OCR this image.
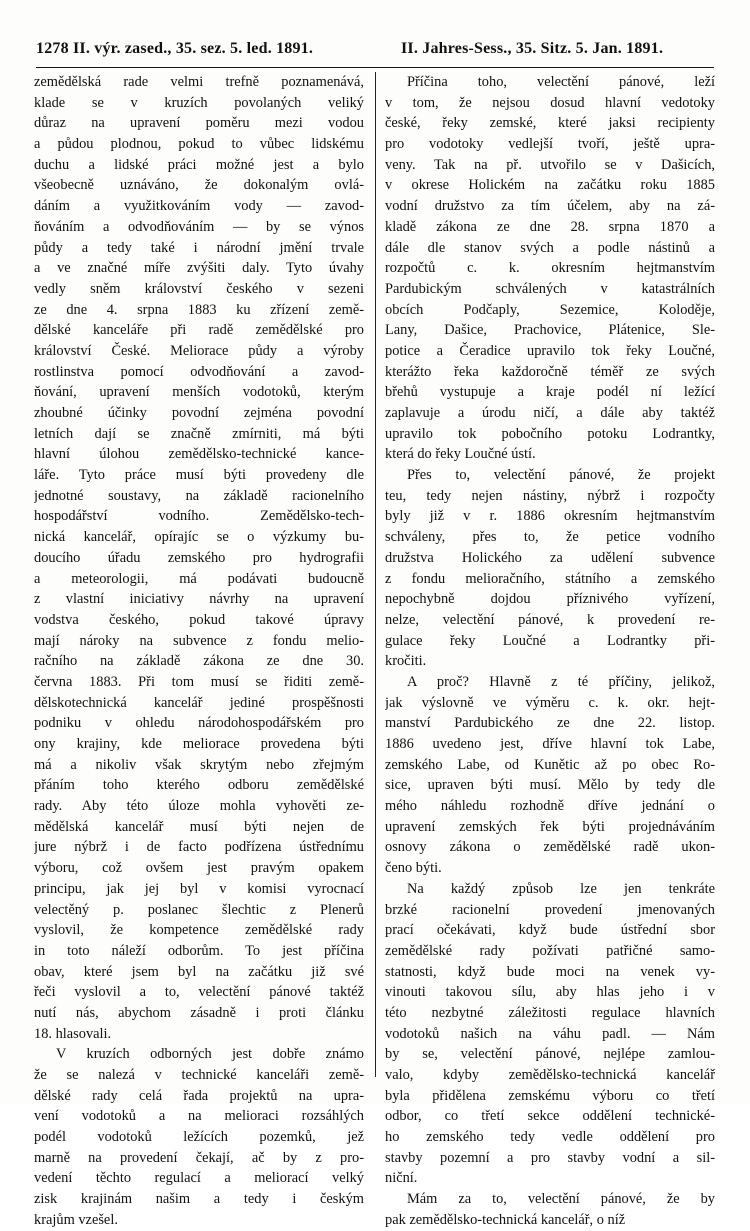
1278 II. výr. zased., 35. sez. 5. led. 1891.	II. Jahres-Sess., 35. Sitz. 5. Jan. 1891.
zemědělská rade velmi trefně poznamenává,
klade se v kruzích povolaných veliký
důraz na upravení poměru mezi vodou
a půdou plodnou, pokud to vůbec lidskému
duchu a lidské práci možné jest a bylo
všeobecně uznáváno, že dokonalým ovlá-
dáním a využitkováním vody — zavod-
ňováním a odvodňováním — by se výnos
půdy a tedy také i národní jmění trvale
a ve značné míře zvýšiti daly. Tyto úvahy
vedly sněm království českého v sezeni
ze dne 4. srpna 1883 ku zřízení země-
dělské kanceláře při radě zemědělské pro
království České. Meliorace půdy a výroby
rostlinstva pomocí odvodňování a zavod-
ňování, upravení menších vodotoků, kterým
zhoubné účinky povodní zejména povodní
letních dají se značně zmírniti, má býti
hlavní úlohou zemědělsko-technické kance-
láře. Tyto práce musí býti provedeny dle
jednotné soustavy, na základě racionelního
hospodářství vodního. Zemědělsko-tech-
nická kancelář, opírajíc se o výzkumy bu-
doucího úřadu zemského pro hydrografii
a meteorologii, má podávati budoucně
z vlastní iniciativy návrhy na upravení
vodstva českého, pokud takové úpravy
mají nároky na subvence z fondu melio-
račního na základě zákona ze dne 30.
června 1883. Při tom musí se řiditi země-
dělskotechnická kancelář jediné prospěšnosti
podniku v ohledu národohospodářském pro
ony krajiny, kde meliorace provedena býti
má a nikoliv však skrytým nebo zřejmým
přáním toho kterého odboru zemědělské
rady. Aby této úloze mohla vyhověti ze-
mědělská kancelář musí býti nejen de
jure nýbrž i de facto podřízena ústřednímu
výboru, což ovšem jest pravým opakem
principu, jak jej byl v komisi vyrocnací
velectěný p. poslanec šlechtic z Plenerů
vyslovil, že kompetence zemědělské rady
in toto náleží odborům. To jest příčina
obav, které jsem byl na začátku již své
řeči vyslovil a to, velectění pánové taktéž
nutí nás, abychom zásadně i proti článku
18. hlasovali.
V kruzích odborných jest dobře známo
že se nalezá v technické kanceláři země-
dělské rady celá řada projektů na upra-
vení vodotoků a na melioraci rozsáhlých
podél vodotoků ležících pozemků, jež
marně na provedení čekají, ač by z pro-
vedení těchto regulací a meliorací velký
zisk krajinám našim a tedy i českým
krajům vzešel.
Příčina toho, velectění pánové, leží
v tom, že nejsou dosud hlavní vedotoky
české, řeky zemské, které jaksi recipienty
pro vodotoky vedlejší tvoří, ještě upra-
veny. Tak na př. utvořilo se v Dašicích,
v okrese Holickém na začátku roku 1885
vodní družstvo za tím účelem, aby na zá-
kladě zákona ze dne 28. srpna 1870 a
dále dle stanov svých a podle nástinů a
rozpočtů c. k. okresním hejtmanstvím
Pardubickým schválených v katastrálních
obcích Podčaply, Sezemice, Koloděje,
Lany, Dašice, Prachovice, Plátenice, Sle-
potice a Čeradice upravilo tok řeky Loučné,
kterážto řeka každoročně téměř ze svých
břehů vystupuje a kraje podél ní ležící
zaplavuje a úrodu ničí, a dále aby taktéž
upravilo tok pobočního potoku Lodrantky,
která do řeky Loučné ústí.
Přes to, velectění pánové, že projekt
teu, tedy nejen nástiny, nýbrž i rozpočty
byly již v r. 1886 okresním hejtmanstvím
schváleny, přes to, že petice vodního
družstva Holického za udělení subvence
z fondu melioračního, státního a zemského
nepochybně dojdou příznivého vyřízení,
nelze, velectění pánové, k provedení re-
gulace řeky Loučné a Lodrantky při-
kročiti.
A proč? Hlavně z té příčiny, jelikož,
jak výslovně ve výměru c. k. okr. hejt-
manství Pardubického ze dne 22. listop.
1886 uvedeno jest, dříve hlavní tok Labe,
zemského Labe, od Kunětic až po obec Ro-
sice, upraven býti musí. Mělo by tedy dle
mého náhledu rozhodně dříve jednání o
upravení zemských řek býti projednáváním
osnovy zákona o zemědělské radě ukon-
čeno býti.
Na každý způsob lze jen tenkráte
brzké racionelní provedení jmenovaných
prací očekávati, když bude ústřední sbor
zemědělské rady požívati patřičné samo-
statnosti, když bude moci na venek vy-
vinouti takovou sílu, aby hlas jeho i v
této nezbytné záležitosti regulace hlavních
vodotoků našich na váhu padl. — Nám
by se, velectění pánové, nejlépe zamlou-
valo, kdyby zemědělsko-technická kancelář
byla přidělena zemskému výboru co třetí
odbor, co třetí sekce oddělení technické-
ho zemského tedy vedle oddělení pro
stavby pozemní a pro stavby vodní a sil-
niční.
Mám za to, velectění pánové, že by
pak zemědělsko-technická kancelář, o níž
